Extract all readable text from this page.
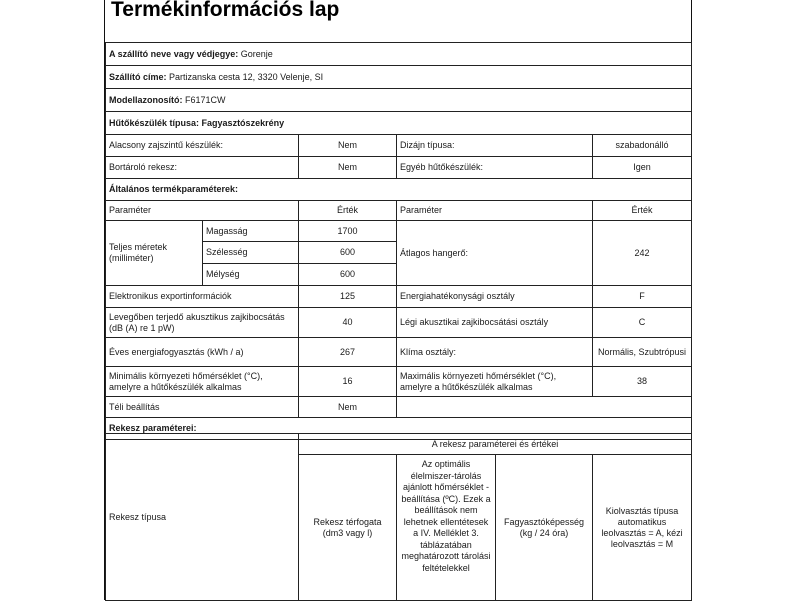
Termékinformációs lap
A szállító neve vagy védjegye: Gorenje
Szállító címe: Partizanska cesta 12, 3320 Velenje, SI
Modellazonosító: F6171CW
Hűtőkészülék típusa: Fagyasztószekrény
Alacsony zajszintű készülék:		Nem	Dizájn típusa:	szabadonálló
Bortároló rekesz:		Nem	Egyéb hűtőkészülék:	Igen
Általános termékparaméterek:				
Paraméter		Érték	Paraméter	Érték
Teljes méretek (milliméter)	Magasság	1700	Átlagos hangerő:	242
	Szélesség	600		
	Mélység	600		
Elektronikus exportinformációk		125	Energiahatékonysági osztály	F
Levegőben terjedő akusztikus zajkibocsátás (dB (A) re 1 pW)		40	Légi akusztikai zajkibocsátási osztály	C
Éves energiafogyasztás (kWh / a)		267	Klíma osztály:	Normális, Szubtrópusi
Minimális környezeti hőmérséklet (°C), amelyre a hűtőkészülék alkalmas		16	Maximális környezeti hőmérséklet (°C), amelyre a hűtőkészülék alkalmas	38
Téli beállítás		Nem		
Rekesz paraméterei:				
Rekesz típusa	A rekesz paraméterei és értékei			
	Rekesz térfogata (dm3 vagy l)	Az optimális élelmiszer-tárolás ajánlott hőmérséklet -beállítása (ºC). Ezek a beállítások nem lehetnek ellentétesek a IV. Melléklet 3. táblázatában meghatározott tárolási feltételekkel	Fagyasztóképesség (kg / 24 óra)	Kiolvasztás típusa automatikus leolvasztás = A, kézi leolvasztás = M
